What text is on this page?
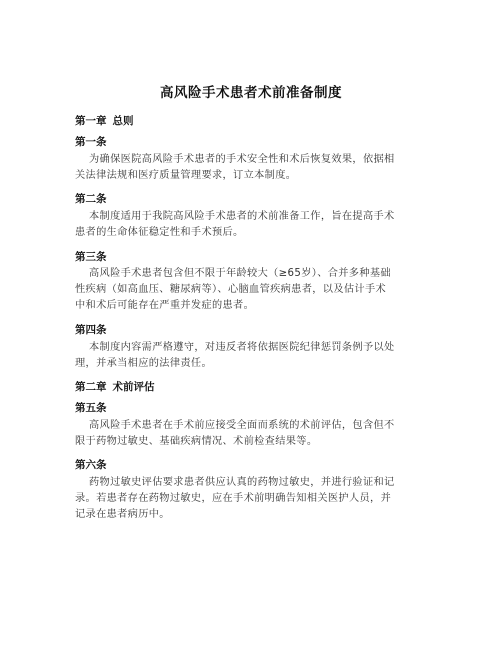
高风险手术患者术前准备制度
第一章 总则
第一条
为确保医院高风险手术患者的手术安全性和术后恢复效果，依据相
关法律法规和医疗质量管理要求，订立本制度。
第二条
本制度适用于我院高风险手术患者的术前准备工作，旨在提高手术
患者的生命体征稳定性和手术预后。
第三条
高风险手术患者包含但不限于年龄较大（≥65岁）、合并多种基础
性疾病（如高血压、糖尿病等）、心脑血管疾病患者，以及估计手术
中和术后可能存在严重并发症的患者。
第四条
本制度内容需严格遵守，对违反者将依据医院纪律惩罚条例予以处
理，并承当相应的法律责任。
第二章 术前评估
第五条
高风险手术患者在手术前应接受全面而系统的术前评估，包含但不
限于药物过敏史、基础疾病情况、术前检查结果等。
第六条
药物过敏史评估要求患者供应认真的药物过敏史，并进行验证和记
录。若患者存在药物过敏史，应在手术前明确告知相关医护人员，并
记录在患者病历中。
